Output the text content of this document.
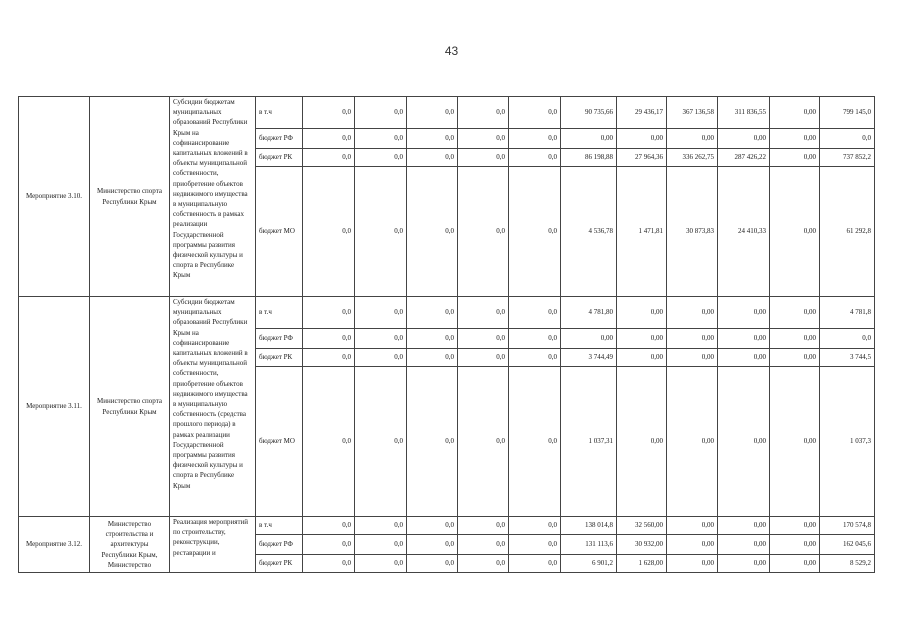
43
Мероприятие 3.10.	Министерство спорта Республики Крым	Субсидии бюджетам муниципальных образований Республики Крым на софинансирование капитальных вложений в объекты муниципальной собственности, приобретение объектов недвижимого имущества в муниципальную собственность в рамках реализации Государственной программы развития физической культуры и спорта в Республике Крым	в т.ч	0,0	0,0	0,0	0,0	0,0	90 735,66	29 436,17	367 136,58	311 836,55	0,00	799 145,0
			бюджет РФ	0,0	0,0	0,0	0,0	0,0	0,00	0,00	0,00	0,00	0,00	0,0
			бюджет РК	0,0	0,0	0,0	0,0	0,0	86 198,88	27 964,36	336 262,75	287 426,22	0,00	737 852,2
			бюджет МО	0,0	0,0	0,0	0,0	0,0	4 536,78	1 471,81	30 873,83	24 410,33	0,00	61 292,8
Мероприятие 3.11.	Министерство спорта Республики Крым	Субсидии бюджетам муниципальных образований Республики Крым на софинансирование капитальных вложений в объекты муниципальной собственности, приобретение объектов недвижимого имущества в муниципальную собственность (средства прошлого периода) в рамках реализации Государственной программы развития физической культуры и спорта в Республике Крым	в т.ч	0,0	0,0	0,0	0,0	0,0	4 781,80	0,00	0,00	0,00	0,00	4 781,8
			бюджет РФ	0,0	0,0	0,0	0,0	0,0	0,00	0,00	0,00	0,00	0,00	0,0
			бюджет РК	0,0	0,0	0,0	0,0	0,0	3 744,49	0,00	0,00	0,00	0,00	3 744,5
			бюджет МО	0,0	0,0	0,0	0,0	0,0	1 037,31	0,00	0,00	0,00	0,00	1 037,3
Мероприятие 3.12.	Министерство строительства и архитектуры Республики Крым, Министерство	Реализация мероприятий по строительству, реконструкции, реставрации и	в т.ч	0,0	0,0	0,0	0,0	0,0	138 014,8	32 560,00	0,00	0,00	0,00	170 574,8
			бюджет РФ	0,0	0,0	0,0	0,0	0,0	131 113,6	30 932,00	0,00	0,00	0,00	162 045,6
			бюджет РК	0,0	0,0	0,0	0,0	0,0	6 901,2	1 628,00	0,00	0,00	0,00	8 529,2
